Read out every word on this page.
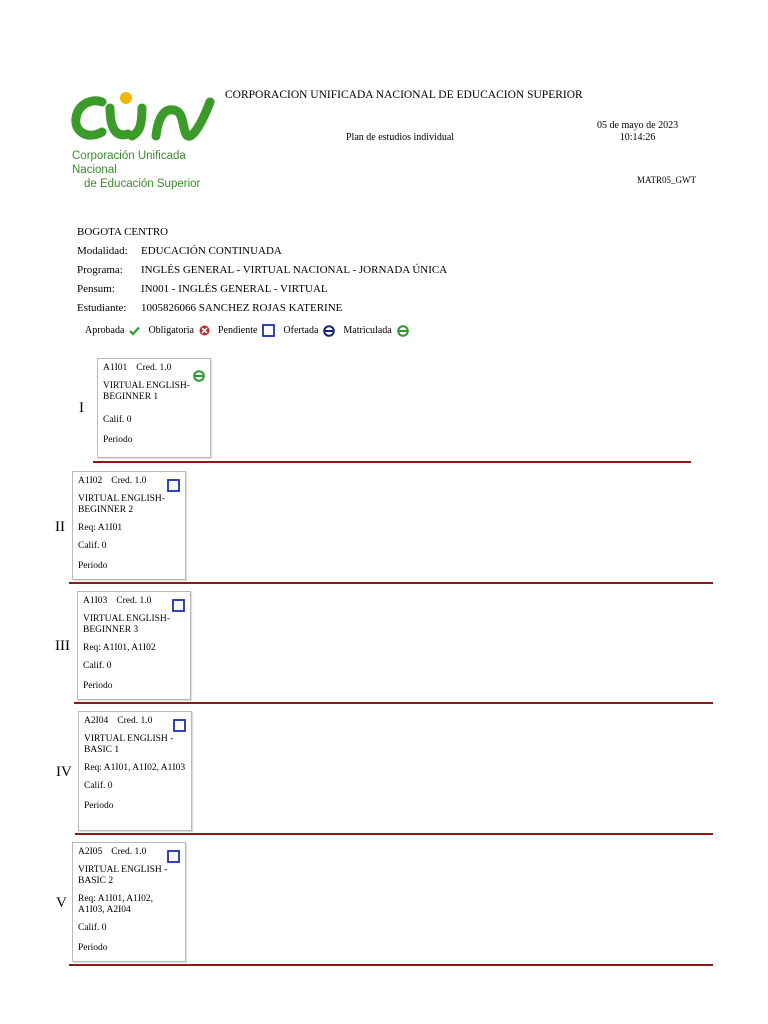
Corporación Unificada Nacional
de Educación Superior
CORPORACION UNIFICADA NACIONAL DE EDUCACION SUPERIOR
Plan de estudios individual
05 de mayo de 2023
10:14:26
MATR05_GWT
BOGOTA CENTRO
Modalidad: EDUCACIÓN CONTINUADA
Programa: INGLÉS GENERAL - VIRTUAL NACIONAL - JORNADA ÚNICA
Pensum: IN001 - INGLÉS GENERAL - VIRTUAL
Estudiante: 1005826066 SANCHEZ ROJAS KATERINE
Aprobada Obligatoria Pendiente	Ofertada	Matriculada
I
A1I01 Cred. 1.0
VIRTUAL ENGLISH-BEGINNER 1
Calif. 0
Periodo
II
A1I02 Cred. 1.0
VIRTUAL ENGLISH-BEGINNER 2
Req: A1I01
Calif. 0
Periodo
III
A1I03 Cred. 1.0
VIRTUAL ENGLISH-BEGINNER 3
Req: A1I01, A1I02
Calif. 0
Periodo
IV
A2I04 Cred. 1.0
VIRTUAL ENGLISH - BASIC 1
Req: A1I01, A1I02, A1I03
Calif. 0
Periodo
V
A2I05 Cred. 1.0
VIRTUAL ENGLISH - BASIC 2
Req: A1I01, A1I02, A1I03, A2I04
Calif. 0
Periodo
